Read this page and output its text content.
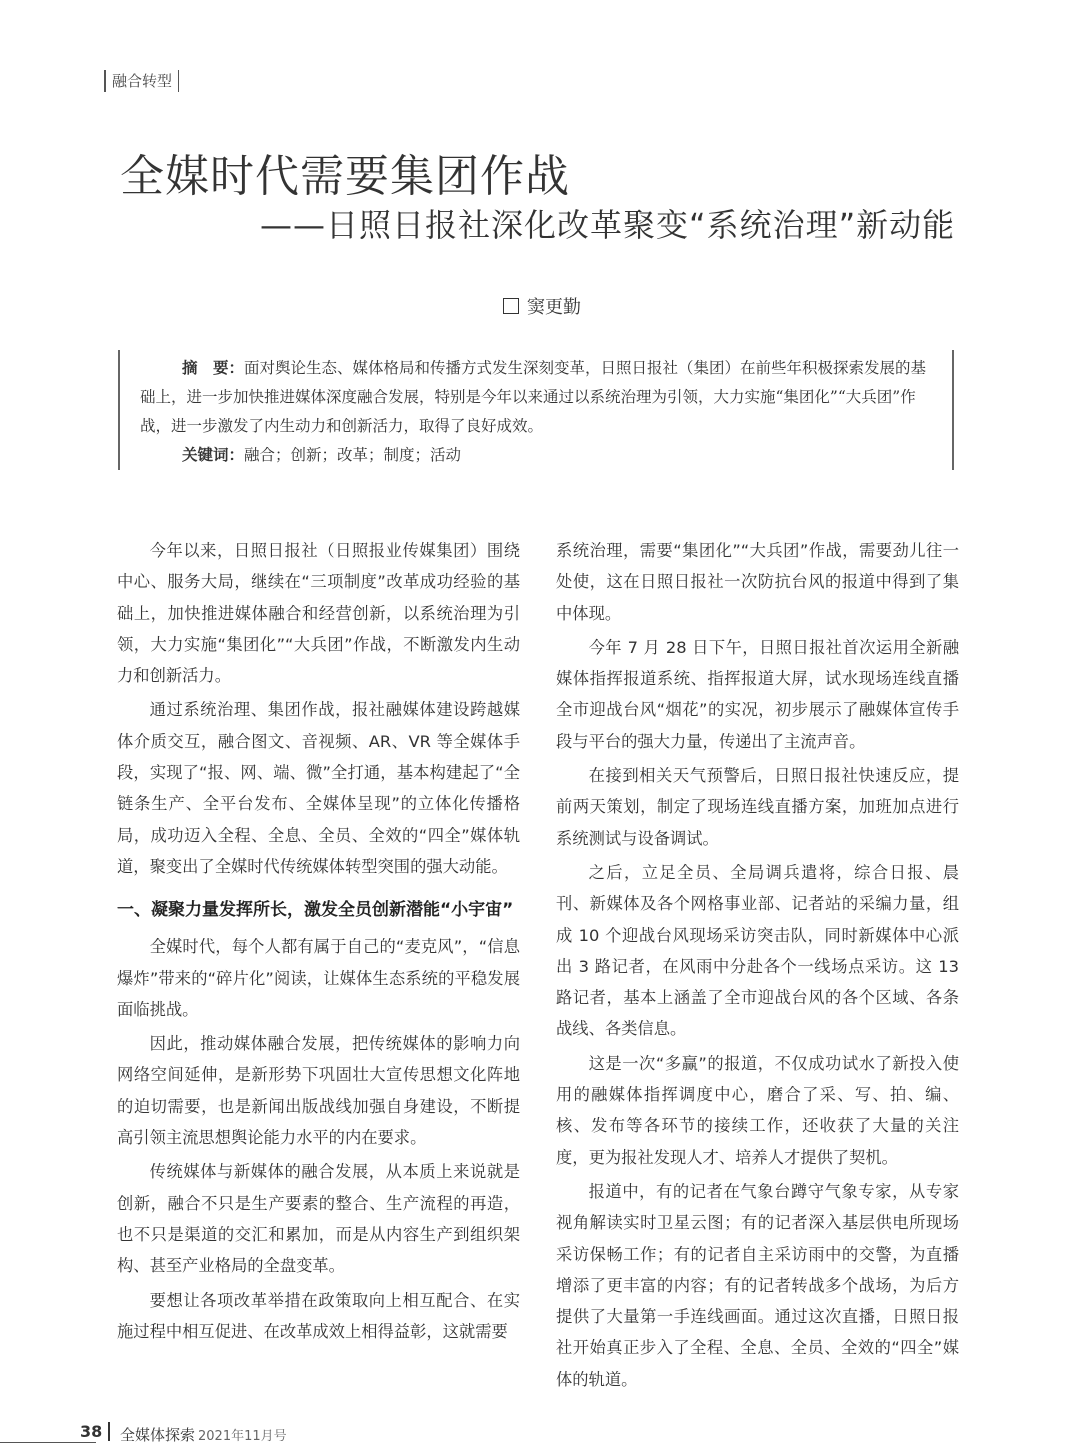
融合转型
全媒时代需要集团作战
——日照日报社深化改革聚变“系统治理”新动能
窦更勤

摘　要：面对舆论生态、媒体格局和传播方式发生深刻变革，日照日报社（集团）在前些年积极探索发展的基础上，进一步加快推进媒体深度融合发展，特别是今年以来通过以系统治理为引领，大力实施“集团化”“大兵团”作战，进一步激发了内生动力和创新活力，取得了良好成效。

关键词：融合；创新；改革；制度；活动

今年以来，日照日报社（日照报业传媒集团）围绕中心、服务大局，继续在“三项制度”改革成功经验的基础上，加快推进媒体融合和经营创新，以系统治理为引领，大力实施“集团化”“大兵团”作战，不断激发内生动力和创新活力。

通过系统治理、集团作战，报社融媒体建设跨越媒体介质交互，融合图文、音视频、AR、VR 等全媒体手段，实现了“报、网、端、微”全打通，基本构建起了“全链条生产、全平台发布、全媒体呈现”的立体化传播格局，成功迈入全程、全息、全员、全效的“四全”媒体轨道，聚变出了全媒时代传统媒体转型突围的强大动能。

一、凝聚力量发挥所长，激发全员创新潜能“小宇宙”

全媒时代，每个人都有属于自己的“麦克风”，“信息爆炸”带来的“碎片化”阅读，让媒体生态系统的平稳发展面临挑战。

因此，推动媒体融合发展，把传统媒体的影响力向网络空间延伸，是新形势下巩固壮大宣传思想文化阵地的迫切需要，也是新闻出版战线加强自身建设，不断提高引领主流思想舆论能力水平的内在要求。

传统媒体与新媒体的融合发展，从本质上来说就是创新，融合不只是生产要素的整合、生产流程的再造，也不只是渠道的交汇和累加，而是从内容生产到组织架构、甚至产业格局的全盘变革。

要想让各项改革举措在政策取向上相互配合、在实施过程中相互促进、在改革成效上相得益彰，这就需要

系统治理，需要“集团化”“大兵团”作战，需要劲儿往一处使，这在日照日报社一次防抗台风的报道中得到了集中体现。

今年 7 月 28 日下午，日照日报社首次运用全新融媒体指挥报道系统、指挥报道大屏，试水现场连线直播全市迎战台风“烟花”的实况，初步展示了融媒体宣传手段与平台的强大力量，传递出了主流声音。

在接到相关天气预警后，日照日报社快速反应，提前两天策划，制定了现场连线直播方案，加班加点进行系统测试与设备调试。

之后，立足全员、全局调兵遣将，综合日报、晨刊、新媒体及各个网格事业部、记者站的采编力量，组成 10 个迎战台风现场采访突击队，同时新媒体中心派出 3 路记者，在风雨中分赴各个一线场点采访。这 13 路记者，基本上涵盖了全市迎战台风的各个区域、各条战线、各类信息。

这是一次“多赢”的报道，不仅成功试水了新投入使用的融媒体指挥调度中心，磨合了采、写、拍、编、核、发布等各环节的接续工作，还收获了大量的关注度，更为报社发现人才、培养人才提供了契机。

报道中，有的记者在气象台蹲守气象专家，从专家视角解读实时卫星云图；有的记者深入基层供电所现场采访保畅工作；有的记者自主采访雨中的交警，为直播增添了更丰富的内容；有的记者转战多个战场，为后方提供了大量第一手连线画面。通过这次直播，日照日报社开始真正步入了全程、全息、全员、全效的“四全”媒体的轨道。

38	全媒体探索 2021年11月号
